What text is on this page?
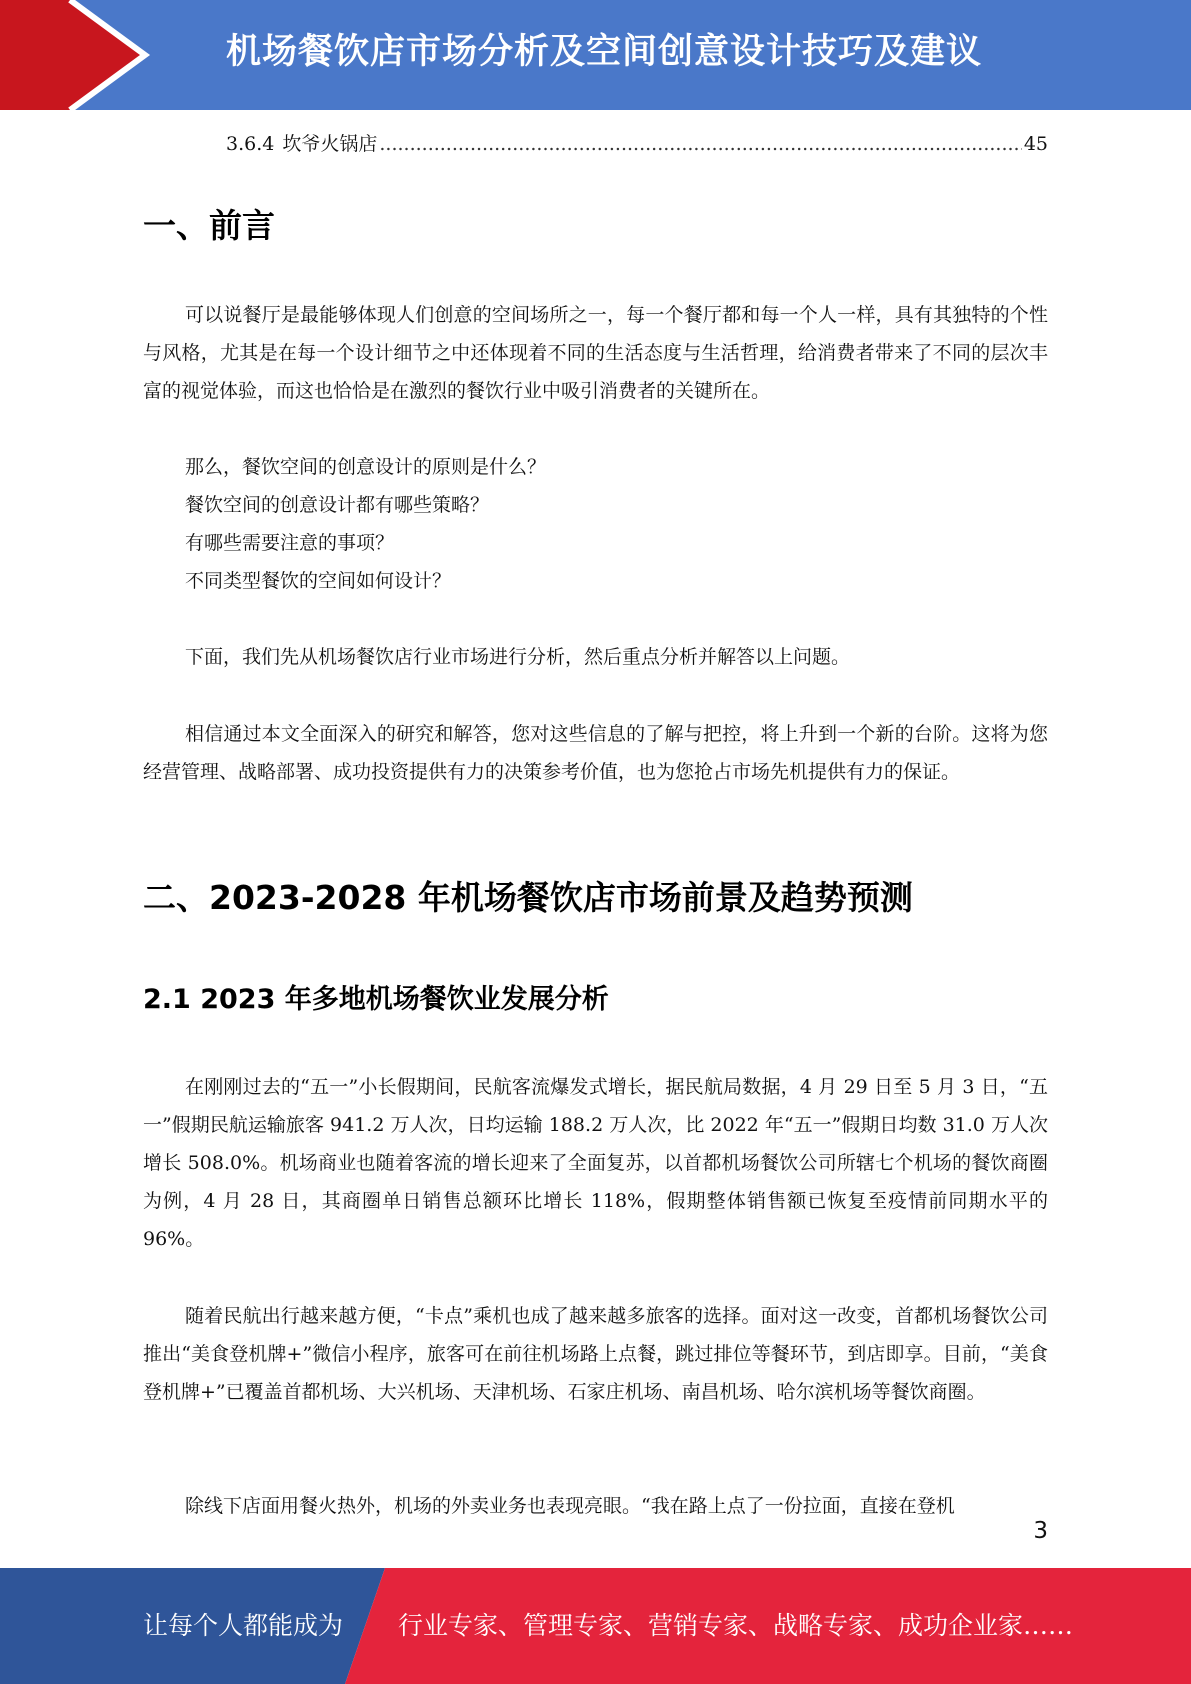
机场餐饮店市场分析及空间创意设计技巧及建议
3.6.4 坎爷火锅店
.....	45
一、前言

可以说餐厅是最能够体现人们创意的空间场所之一，每一个餐厅都和每一个人一样，具有其独特的个性与风格，尤其是在每一个设计细节之中还体现着不同的生活态度与生活哲理，给消费者带来了不同的层次丰富的视觉体验，而这也恰恰是在激烈的餐饮行业中吸引消费者的关键所在。

那么，餐饮空间的创意设计的原则是什么？
餐饮空间的创意设计都有哪些策略？
有哪些需要注意的事项？
不同类型餐饮的空间如何设计？

下面，我们先从机场餐饮店行业市场进行分析，然后重点分析并解答以上问题。

相信通过本文全面深入的研究和解答，您对这些信息的了解与把控，将上升到一个新的台阶。这将为您经营管理、战略部署、成功投资提供有力的决策参考价值，也为您抢占市场先机提供有力的保证。

二、2023-2028 年机场餐饮店市场前景及趋势预测
2.1 2023 年多地机场餐饮业发展分析

在刚刚过去的“五一”小长假期间，民航客流爆发式增长，据民航局数据，4 月 29 日至 5 月 3 日，“五一”假期民航运输旅客 941.2 万人次，日均运输 188.2 万人次，比 2022 年“五一”假期日均数 31.0 万人次增长 508.0%。机场商业也随着客流的增长迎来了全面复苏，以首都机场餐饮公司所辖七个机场的餐饮商圈为例，4 月 28 日，其商圈单日销售总额环比增长 118%，假期整体销售额已恢复至疫情前同期水平的 96%。

随着民航出行越来越方便，“卡点”乘机也成了越来越多旅客的选择。面对这一改变，首都机场餐饮公司推出“美食登机牌+”微信小程序，旅客可在前往机场路上点餐，跳过排位等餐环节，到店即享。目前，“美食登机牌+”已覆盖首都机场、大兴机场、天津机场、石家庄机场、南昌机场、哈尔滨机场等餐饮商圈。

除线下店面用餐火热外，机场的外卖业务也表现亮眼。“我在路上点了一份拉面，直接在登机

3
让每个人都能成为 行业专家、管理专家、营销专家、战略专家、成功企业家……
